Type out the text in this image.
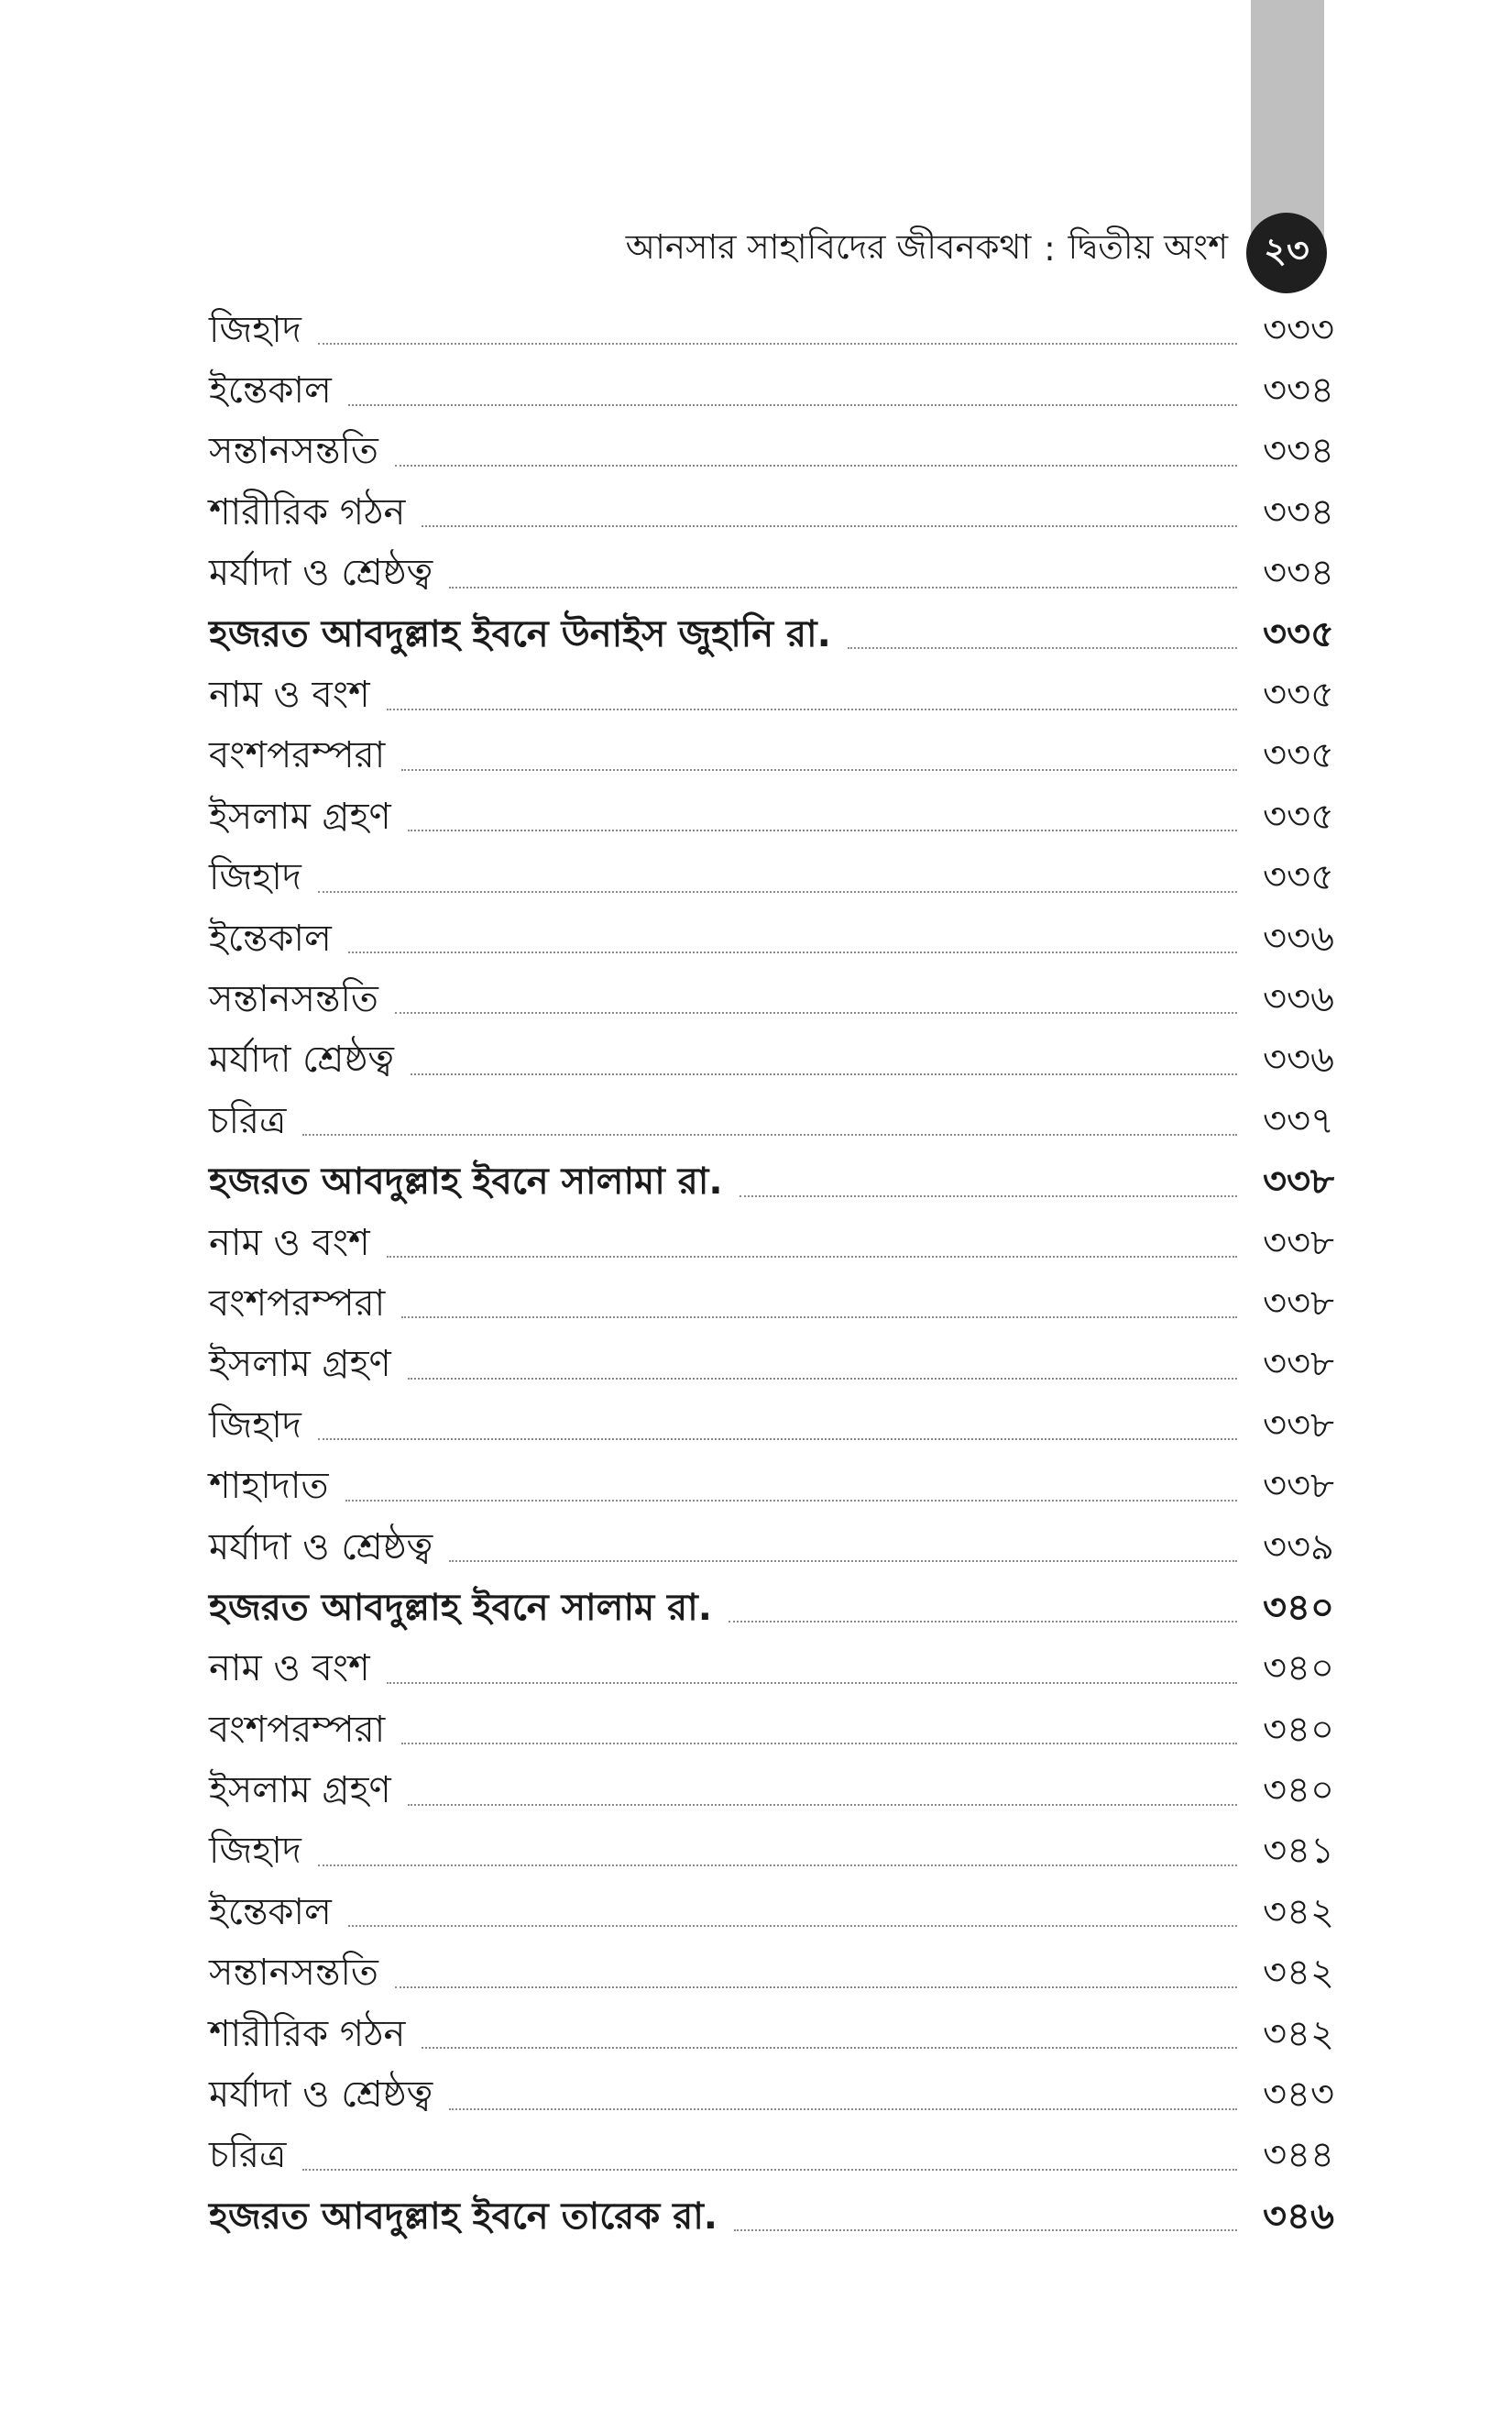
আনসার সাহাবিদের জীবনকথা : দ্বিতীয় অংশ	২৩
জিহাদ	৩৩৩
ইন্তেকাল	৩৩৪
সন্তানসন্ততি	৩৩৪
শারীরিক গঠন	৩৩৪
মর্যাদা ও শ্রেষ্ঠত্ব	৩৩৪
হজরত আবদুল্লাহ ইবনে উনাইস জুহানি রা.	৩৩৫
নাম ও বংশ	৩৩৫
বংশপরম্পরা	৩৩৫
ইসলাম গ্রহণ	৩৩৫
জিহাদ	৩৩৫
ইন্তেকাল	৩৩৬
সন্তানসন্ততি	৩৩৬
মর্যাদা শ্রেষ্ঠত্ব	৩৩৬
চরিত্র	৩৩৭
হজরত আবদুল্লাহ ইবনে সালামা রা.	৩৩৮
নাম ও বংশ	৩৩৮
বংশপরম্পরা	৩৩৮
ইসলাম গ্রহণ	৩৩৮
জিহাদ	৩৩৮
শাহাদাত	৩৩৮
মর্যাদা ও শ্রেষ্ঠত্ব	৩৩৯
হজরত আবদুল্লাহ ইবনে সালাম রা.	৩৪০
নাম ও বংশ	৩৪০
বংশপরম্পরা	৩৪০
ইসলাম গ্রহণ	৩৪০
জিহাদ	৩৪১
ইন্তেকাল	৩৪২
সন্তানসন্ততি	৩৪২
শারীরিক গঠন	৩৪২
মর্যাদা ও শ্রেষ্ঠত্ব	৩৪৩
চরিত্র	৩৪৪
হজরত আবদুল্লাহ ইবনে তারেক রা.	৩৪৬
